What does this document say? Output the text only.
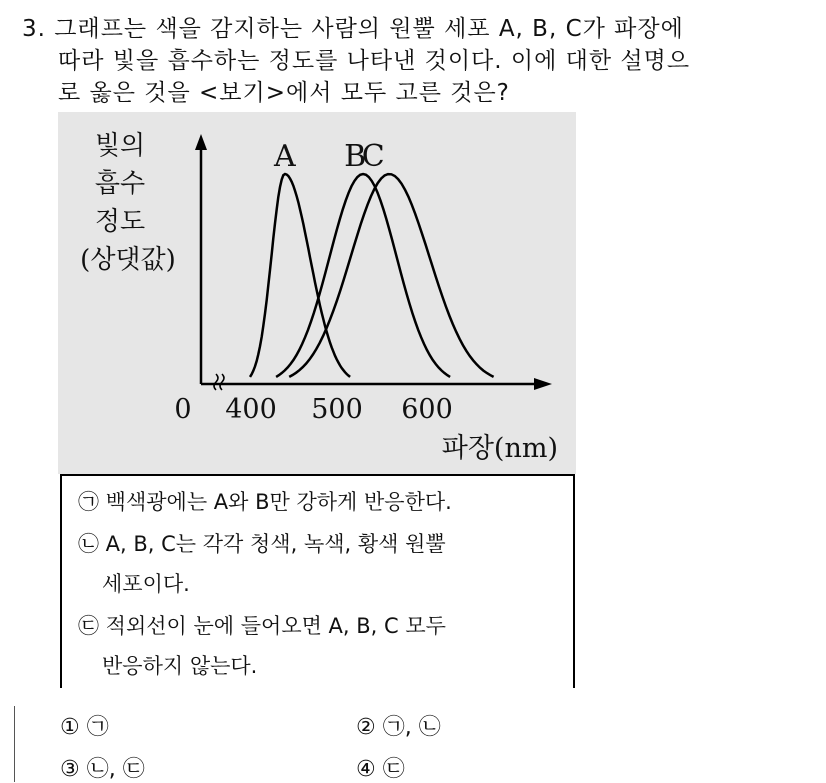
3. 그래프는 색을 감지하는 사람의 원뿔 세포 A, B, C가 파장에
따라 빛을 흡수하는 정도를 나타낸 것이다. 이에 대한 설명으
로 옳은 것을 <보기>에서 모두 고른 것은?
빛의
흡수
정도
(상댓값)
0 400 500 600
파장(nm)
A B
C
㉠ 백색광에는 A와 B만 강하게 반응한다.
㉡ A, B, C는 각각 청색, 녹색, 황색 원뿔
세포이다.
㉢ 적외선이 눈에 들어오면 A, B, C 모두
반응하지 않는다.
① ㉠	② ㉠, ㉡
③ ㉡, ㉢	④ ㉢
